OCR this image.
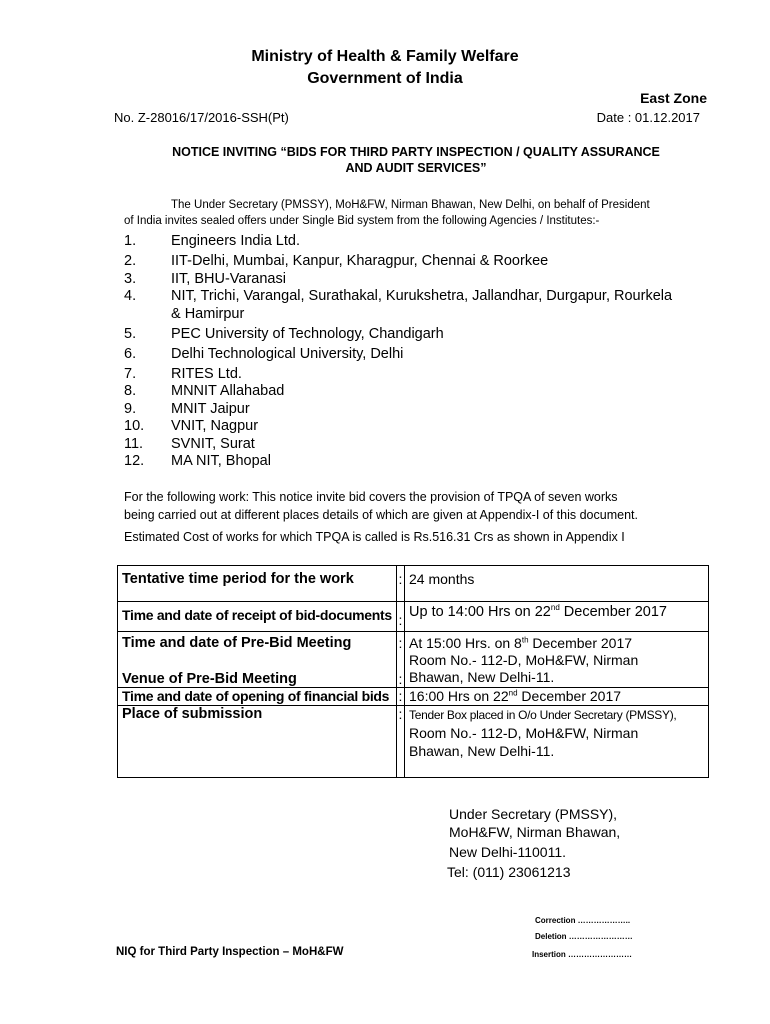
Ministry of Health & Family Welfare
Government of India
East Zone
No. Z-28016/17/2016-SSH(Pt)	Date : 01.12.2017
NOTICE INVITING “BIDS FOR THIRD PARTY INSPECTION / QUALITY ASSURANCE
AND AUDIT SERVICES”
The Under Secretary (PMSSY), MoH&FW, Nirman Bhawan, New Delhi, on behalf of President
of India invites sealed offers under Single Bid system from the following Agencies / Institutes:-
1. Engineers India Ltd.
2. IIT-Delhi, Mumbai, Kanpur, Kharagpur, Chennai & Roorkee
3. IIT, BHU-Varanasi
4. NIT, Trichi, Varangal, Surathakal, Kurukshetra, Jallandhar, Durgapur, Rourkela
& Hamirpur
5. PEC University of Technology, Chandigarh
6. Delhi Technological University, Delhi
7. RITES Ltd.
8. MNNIT Allahabad
9. MNIT Jaipur
10. VNIT, Nagpur
11. SVNIT, Surat
12. MA NIT, Bhopal
For the following work: This notice invite bid covers the provision of TPQA of seven works
being carried out at different places details of which are given at Appendix-I of this document.
Estimated Cost of works for which TPQA is called is Rs.516.31 Crs as shown in Appendix I
Tentative time period for the work	:	24 months
Time and date of receipt of bid-documents	:	Up to 14:00 Hrs on 22nd December 2017
Time and date of Pre-Bid Meeting	:	At 15:00 Hrs. on 8th December 2017
Venue of Pre-Bid Meeting	:	Room No.- 112-D, MoH&FW, Nirman
Bhawan, New Delhi-11.

Time and date of opening of financial bids	:	16:00 Hrs on 22nd December 2017
Place of submission	:	Tender Box placed in O/o Under Secretary (PMSSY),
Room No.- 112-D, MoH&FW, Nirman
Bhawan, New Delhi-11.
Under Secretary (PMSSY),
MoH&FW, Nirman Bhawan,
New Delhi-110011.
Tel: (011) 23061213
Correction ………………..
Deletion ……………………
Insertion ……………………
NIQ for Third Party Inspection – MoH&FW
